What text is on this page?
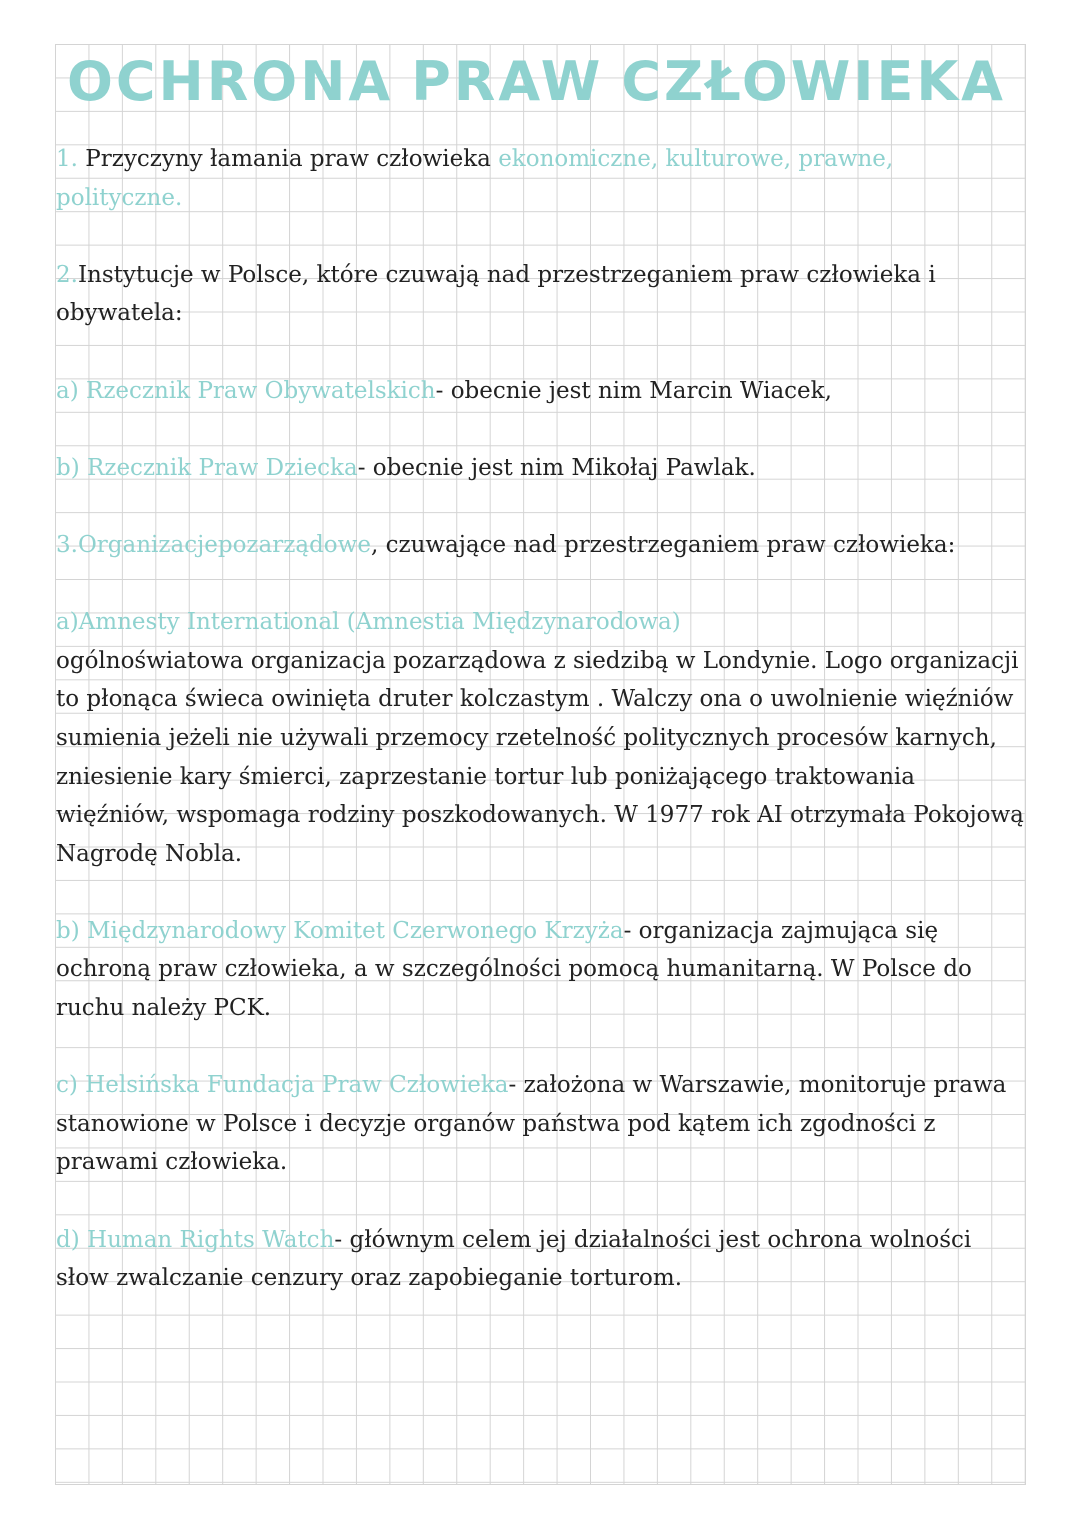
OCHRONA PRAW CZŁOWIEKA

1. Przyczyny łamania praw człowieka ekonomiczne, kulturowe, prawne, polityczne.

2.Instytucje w Polsce, które czuwają nad przestrzeganiem praw człowieka i obywatela:

a) Rzecznik Praw Obywatelskich- obecnie jest nim Marcin Wiacek,

b) Rzecznik Praw Dziecka- obecnie jest nim Mikołaj Pawlak.

3.Organizacjepozarządowe, czuwające nad przestrzeganiem praw człowieka:

a)Amnesty International (Amnestia Międzynarodowa)

ogólnoświatowa organizacja pozarządowa z siedzibą w Londynie. Logo organizacji to płonąca świeca owinięta druter kolczastym . Walczy ona o uwolnienie więźniów sumienia jeżeli nie używali przemocy rzetelność politycznych procesów karnych, zniesienie kary śmierci, zaprzestanie tortur lub poniżającego traktowania więźniów, wspomaga rodziny poszkodowanych. W 1977 rok AI otrzymała Pokojową Nagrodę Nobla.

b) Międzynarodowy Komitet Czerwonego Krzyża- organizacja zajmująca się ochroną praw człowieka, a w szczególności pomocą humanitarną. W Polsce do ruchu należy PCK.

c) Helsińska Fundacja Praw Człowieka- założona w Warszawie, monitoruje prawa stanowione w Polsce i decyzje organów państwa pod kątem ich zgodności z prawami człowieka.

d) Human Rights Watch- głównym celem jej działalności jest ochrona wolności słow zwalczanie cenzury oraz zapobieganie torturom.
